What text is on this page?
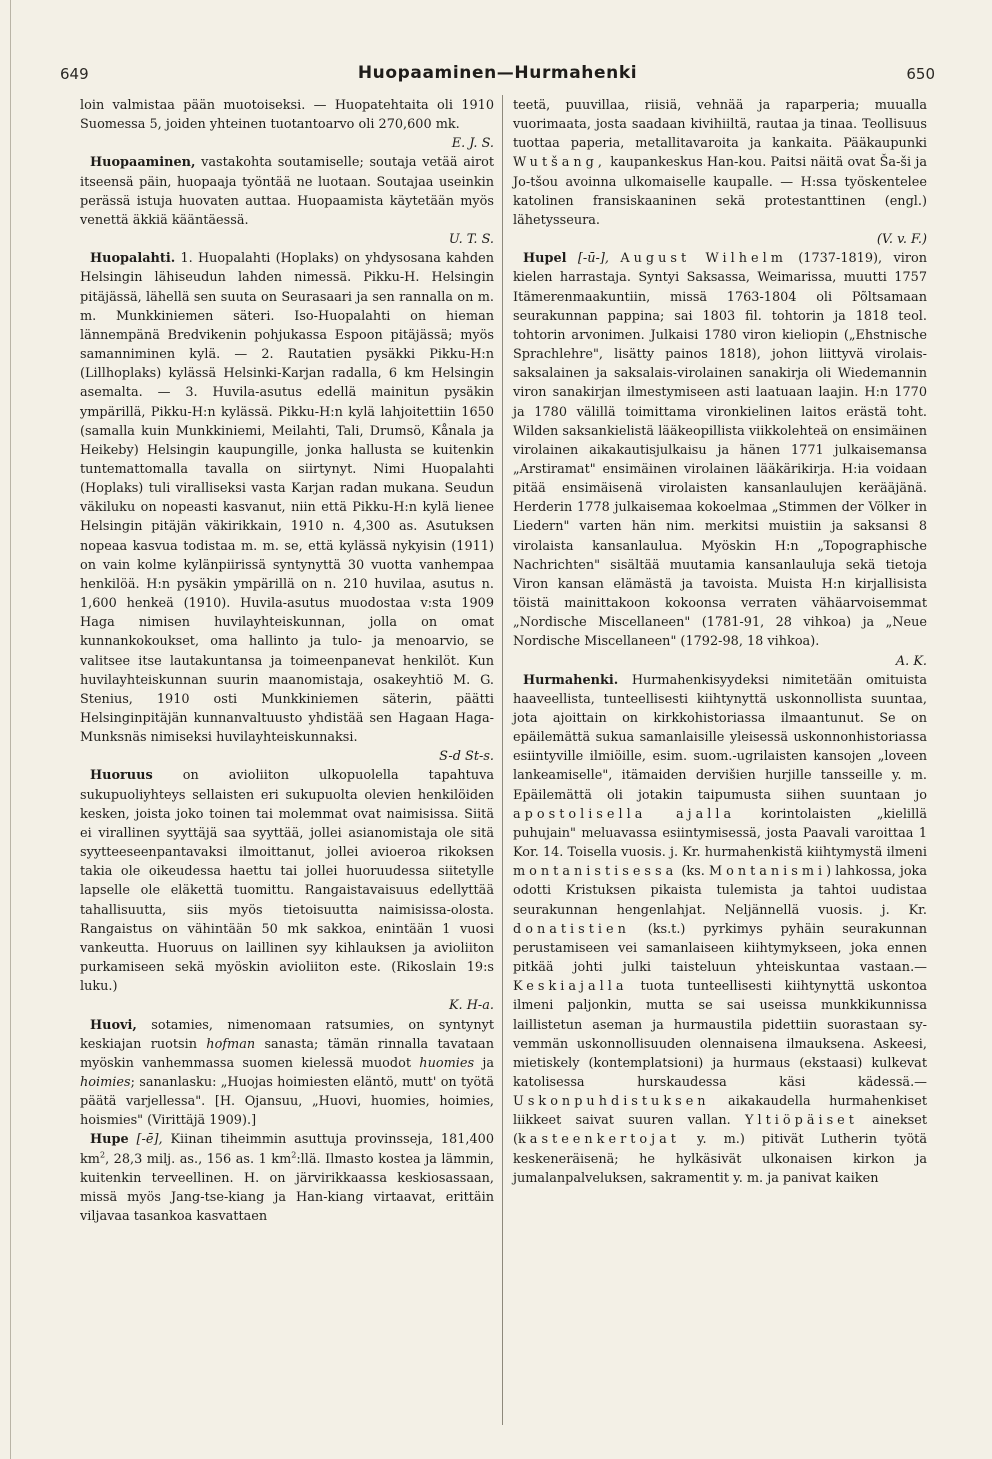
649	Huopaaminen—Hurmahenki	650

loin valmistaa pään muotoiseksi. — Huopatehtaita oli 1910 Suomessa 5, joiden yhteinen tuotantoarvo oli 270,600 mk.

E. J. S.

Huopaaminen, vastakohta soutamiselle; soutaja vetää airot itseensä päin, huopaaja työntää ne luotaan. Soutajaa useinkin perässä istuja huovaten auttaa. Huopaamista käytetään myös venettä äkkiä kääntäessä.

U. T. S.

Huopalahti. 1. Huopalahti (Hoplaks) on yhdysosana kahden Helsingin lähiseudun lahden nimessä. Pikku-H. Helsingin pitäjässä, lähellä sen suuta on Seurasaari ja sen rannalla on m. m. Munkkiniemen säteri. Iso-Huopalahti on hieman lännempänä Bredvikenin pohjukassa Espoon pitäjässä; myös samanniminen kylä. — 2. Rautatien pysäkki Pikku-H:n (Lillhoplaks) kylässä Helsinki-Karjan radalla, 6 km Helsingin asemalta. — 3. Huvila-asutus edellä mainitun pysäkin ympärillä, Pikku-H:n kylässä. Pikku-H:n kylä lahjoitettiin 1650 (samalla kuin Munkkiniemi, Meilahti, Tali, Drumsö, Kånala ja Heikeby) Helsingin kaupungille, jonka hallusta se kuitenkin tuntemattomalla tavalla on siirtynyt. Nimi Huopalahti (Hoplaks) tuli viralliseksi vasta Karjan radan mukana. Seudun väkiluku on nopeasti kasvanut, niin että Pikku-H:n kylä lienee Helsingin pitäjän väkirikkain, 1910 n. 4,300 as. Asutuksen nopeaa kasvua todistaa m. m. se, että kylässä nykyisin (1911) on vain kolme kylänpiirissä syntynyttä 30 vuotta vanhempaa henkilöä. H:n pysäkin ympärillä on n. 210 huvilaa, asutus n. 1,600 henkeä (1910). Huvila-asutus muodostaa v:sta 1909 Haga nimisen huvilayhteiskunnan, jolla on omat kunnankokoukset, oma hallinto ja tulo- ja menoarvio, se valitsee itse lautakuntansa ja toimeenpanevat henkilöt. Kun huvilayhteiskunnan suurin maanomistaja, osakeyhtiö M. G. Stenius, 1910 osti Munkkiniemen säterin, päätti Helsinginpitäjän kunnanvaltuusto yhdistää sen Hagaan Haga-Munksnäs nimiseksi huvilayhteiskunnaksi.

S-d St-s.

Huoruus on avioliiton ulkopuolella tapahtuva sukupuoliyhteys sellaisten eri sukupuolta olevien henkilöiden kesken, joista joko toinen tai molemmat ovat naimisissa. Siitä ei virallinen syyttäjä saa syyttää, jollei asianomistaja ole sitä syytteeseenpantavaksi ilmoittanut, jollei avioeroa rikoksen takia ole oikeudessa haettu tai jollei huoruudessa siitetylle lapselle ole eläkettä tuomittu. Rangaistavaisuus edellyttää tahallisuutta, siis myös tietoisuutta naimisissa-olosta. Rangaistus on vähintään 50 mk sakkoa, enintään 1 vuosi vankeutta. Huoruus on laillinen syy kihlauksen ja avioliiton purkamiseen sekä myöskin avioliiton este. (Rikoslain 19:s luku.)

K. H-a.

Huovi, sotamies, nimenomaan ratsumies, on syntynyt keskiajan ruotsin hofman sanasta; tämän rinnalla tavataan myöskin vanhemmassa suomen kielessä muodot huomies ja hoimies; sananlasku: „Huojas hoimiesten eläntö, mutt' on työtä päätä varjellessa". [H. Ojansuu, „Huovi, huomies, hoimies, hoismies" (Virittäjä 1909).]

Hupe [-ē], Kiinan tiheimmin asuttuja provinsseja, 181,400 $km^2$, 28,3 milj. as., 156 as. 1 $km^2:llä$. Ilmasto kostea ja lämmin, kuitenkin terveellinen. H. on järvirikkaassa keskiosassaan, missä myös Jang-tse-kiang ja Han-kiang virtaavat, erittäin viljavaa tasankoa kasvattaen

teetä, puuvillaa, riisiä, vehnää ja raparperia; muualla vuorimaata, josta saadaan kivihiiltä, rautaa ja tinaa. Teollisuus tuottaa paperia, metallitavaroita ja kankaita. Pääkaupunki Wutšang, kaupankeskus Han-kou. Paitsi näitä ovat Ša-ši ja Jo-tšou avoinna ulkomaiselle kaupalle. — H:ssa työskentelee katolinen fransiskaaninen sekä protestanttinen (engl.) lähetysseura.

(V. v. F.)

Hupel [-ū-], August Wilhelm (1737-1819), viron kielen harrastaja. Syntyi Saksassa, Weimarissa, muutti 1757 Itämerenmaakuntiin, missä 1763-1804 oli Põltsamaan seurakunnan pappina; sai 1803 fil. tohtorin ja 1818 teol. tohtorin arvonimen. Julkaisi 1780 viron kieliopin („Ehstnische Sprachlehre", lisätty painos 1818), johon liittyvä virolais-saksalainen ja saksalais-virolainen sanakirja oli Wiedemannin viron sanakirjan ilmestymiseen asti laatuaan laajin. H:n 1770 ja 1780 välillä toimittama vironkielinen laitos erästä toht. Wilden saksankielistä lääkeopillista viikkolehteä on ensimäinen virolainen aikakautisjulkaisu ja hänen 1771 julkaisemansa „Arstiramat" ensimäinen virolainen lääkärikirja. H:ia voidaan pitää ensimäisenä virolaisten kansanlaulujen kerääjänä. Herderin 1778 julkaisemaa kokoelmaa „Stimmen der Völker in Liedern" varten hän nim. merkitsi muistiin ja saksansi 8 virolaista kansanlaulua. Myöskin H:n „Topographische Nachrichten" sisältää muutamia kansanlauluja sekä tietoja Viron kansan elämästä ja tavoista. Muista H:n kirjallisista töistä mainittakoon kokoonsa verraten vähäarvoisemmat „Nordische Miscellaneen" (1781-91, 28 vihkoa) ja „Neue Nordische Miscellaneen" (1792-98, 18 vihkoa).

A. K.

Hurmahenki. Hurmahenkisyydeksi nimitetään omituista haaveellista, tunteellisesti kiihtynyttä uskonnollista suuntaa, jota ajoittain on kirkkohistoriassa ilmaantunut. Se on epäilemättä sukua samanlaisille yleisessä uskonnonhistoriassa esiintyville ilmiöille, esim. suom.-ugrilaisten kansojen „loveen lankeamiselle", itämaiden dervišien hurjille tansseille y. m. Epäilemättä oli jotakin taipumusta siihen suuntaan jo apostolisella ajalla korintolaisten „kielillä puhujain" meluavassa esiintymisessä, josta Paavali varoittaa 1 Kor. 14. Toisella vuosis. j. Kr. hurmahenkistä kiihtymystä ilmeni montanistisessa (ks. Montanismi) lahkossa, joka odotti Kristuksen pikaista tulemista ja tahtoi uudistaa seurakunnan hengenlahjat. Neljännellä vuosis. j. Kr. donatistien (ks.t.) pyrkimys pyhäin seurakunnan perustamiseen vei samanlaiseen kiihtymykseen, joka ennen pitkää johti julki taisteluun yhteiskuntaa vastaan.— Keskiajalla tuota tunteellisesti kiihtynyttä uskontoa ilmeni paljonkin, mutta se sai useissa munkkikunnissa laillistetun aseman ja hurmaustila pidettiin suorastaan sy-vemmän uskonnollisuuden olennaisena ilmauksena. Askeesi, mietiskely (kontemplatsioni) ja hurmaus (ekstaasi) kulkevat katolisessa hurskaudessa käsi kädessä.— Uskonpuhdistuksen aikakaudella hurmahenkiset liikkeet saivat suuren vallan. Yltiöpäiset ainekset (kasteenkertojat y. m.) pitivät Lutherin työtä keskeneräisenä; he hylkäsivät ulkonaisen kirkon ja jumalanpalveluksen, sakramentit y. m. ja panivat kaiken
